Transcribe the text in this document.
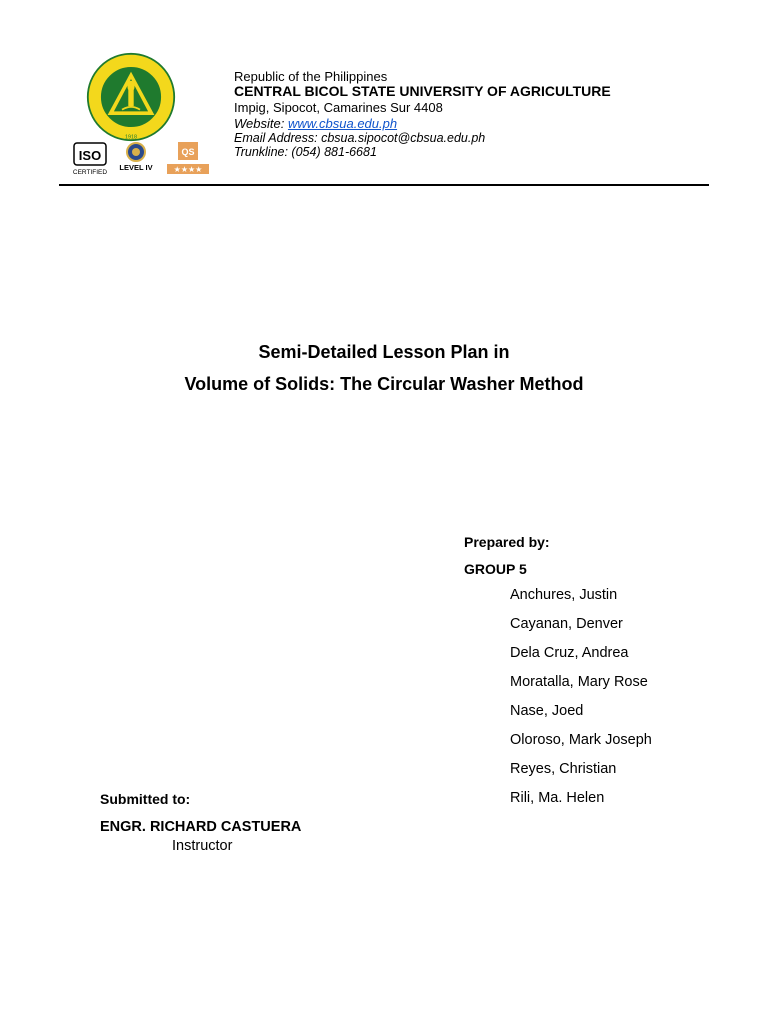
1918
ISO
CERTIFIED
LEVEL IV
QS
★★★★
Republic of the Philippines
CENTRAL BICOL STATE UNIVERSITY OF AGRICULTURE
Impig, Sipocot, Camarines Sur 4408
Website: www.cbsua.edu.ph
Email Address: cbsua.sipocot@cbsua.edu.ph
Trunkline: (054) 881-6681
Semi-Detailed Lesson Plan in
Volume of Solids: The Circular Washer Method
Prepared by:
GROUP 5
Anchures, Justin
Cayanan, Denver
Dela Cruz, Andrea
Moratalla, Mary Rose
Nase, Joed
Oloroso, Mark Joseph
Reyes, Christian
Rili, Ma. Helen
Submitted to:
ENGR. RICHARD CASTUERA
Instructor
